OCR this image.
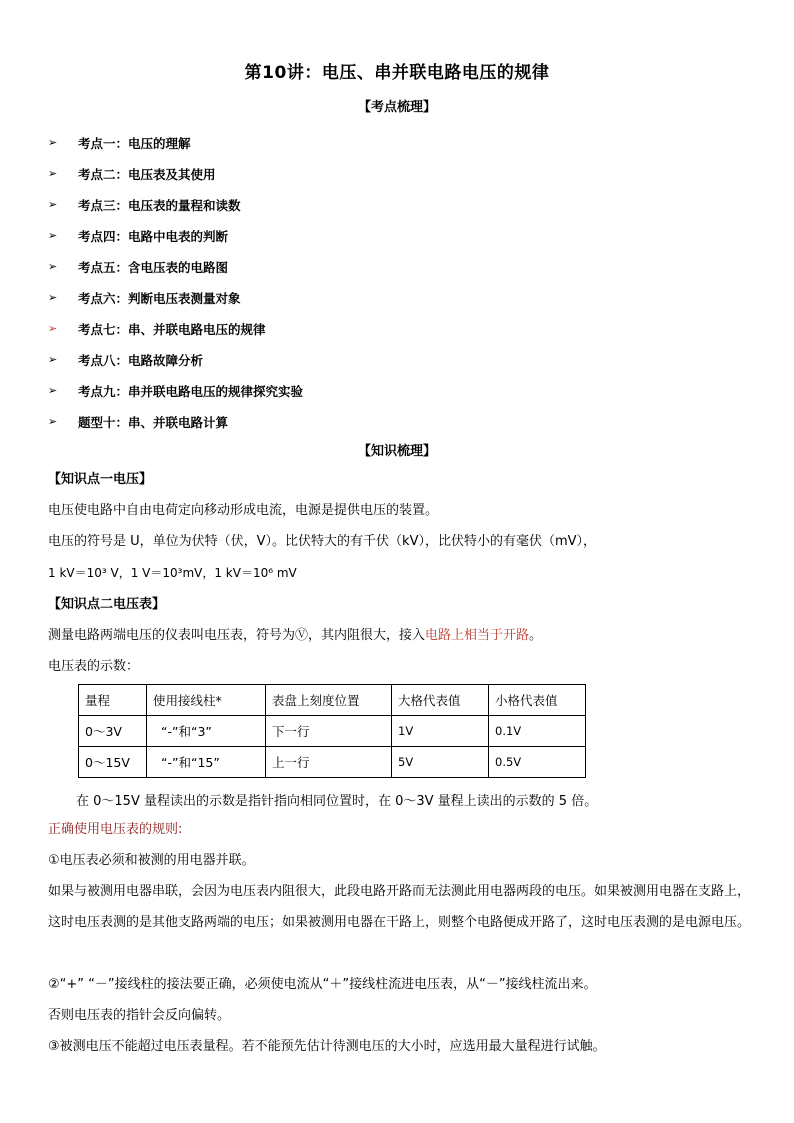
第10讲：电压、串并联电路电压的规律
【考点梳理】
➢	考点一：电压的理解
➢	考点二：电压表及其使用
➢	考点三：电压表的量程和读数
➢	考点四：电路中电表的判断
➢	考点五：含电压表的电路图
➢	考点六：判断电压表测量对象
➢	考点七：串、并联电路电压的规律
➢	考点八：电路故障分析
➢	考点九：串并联电路电压的规律探究实验
➢	题型十：串、并联电路计算
【知识梳理】
【知识点一电压】
电压使电路中自由电荷定向移动形成电流，电源是提供电压的装置。
电压的符号是 U，单位为伏特（伏，V）。比伏特大的有千伏（kV），比伏特小的有毫伏（mV），
1 kV＝10³ V，1 V＝10³mV，1 kV＝10⁶ mV
【知识点二电压表】
测量电路两端电压的仪表叫电压表，符号为Ⓥ，其内阻很大，接入电路上相当于开路。
电压表的示数：
量程	使用接线柱*	表盘上刻度位置	大格代表值	小格代表值
0～3V	“-”和“3”	下一行	1V	0.1V
0～15V	“-”和“15”	上一行	5V	0.5V
在 0～15V 量程读出的示数是指针指向相同位置时，在 0～3V 量程上读出的示数的 5 倍。
正确使用电压表的规则:
①电压表必须和被测的用电器并联。
如果与被测用电器串联，会因为电压表内阻很大，此段电路开路而无法测此用电器两段的电压。如果被测用电器在支路上，这时电压表测的是其他支路两端的电压；如果被测用电器在干路上，则整个电路便成开路了，这时电压表测的是电源电压。
②“+” “－”接线柱的接法要正确，必须使电流从“＋”接线柱流进电压表，从“－”接线柱流出来。
否则电压表的指针会反向偏转。
③被测电压不能超过电压表量程。若不能预先估计待测电压的大小时，应选用最大量程进行试触。
